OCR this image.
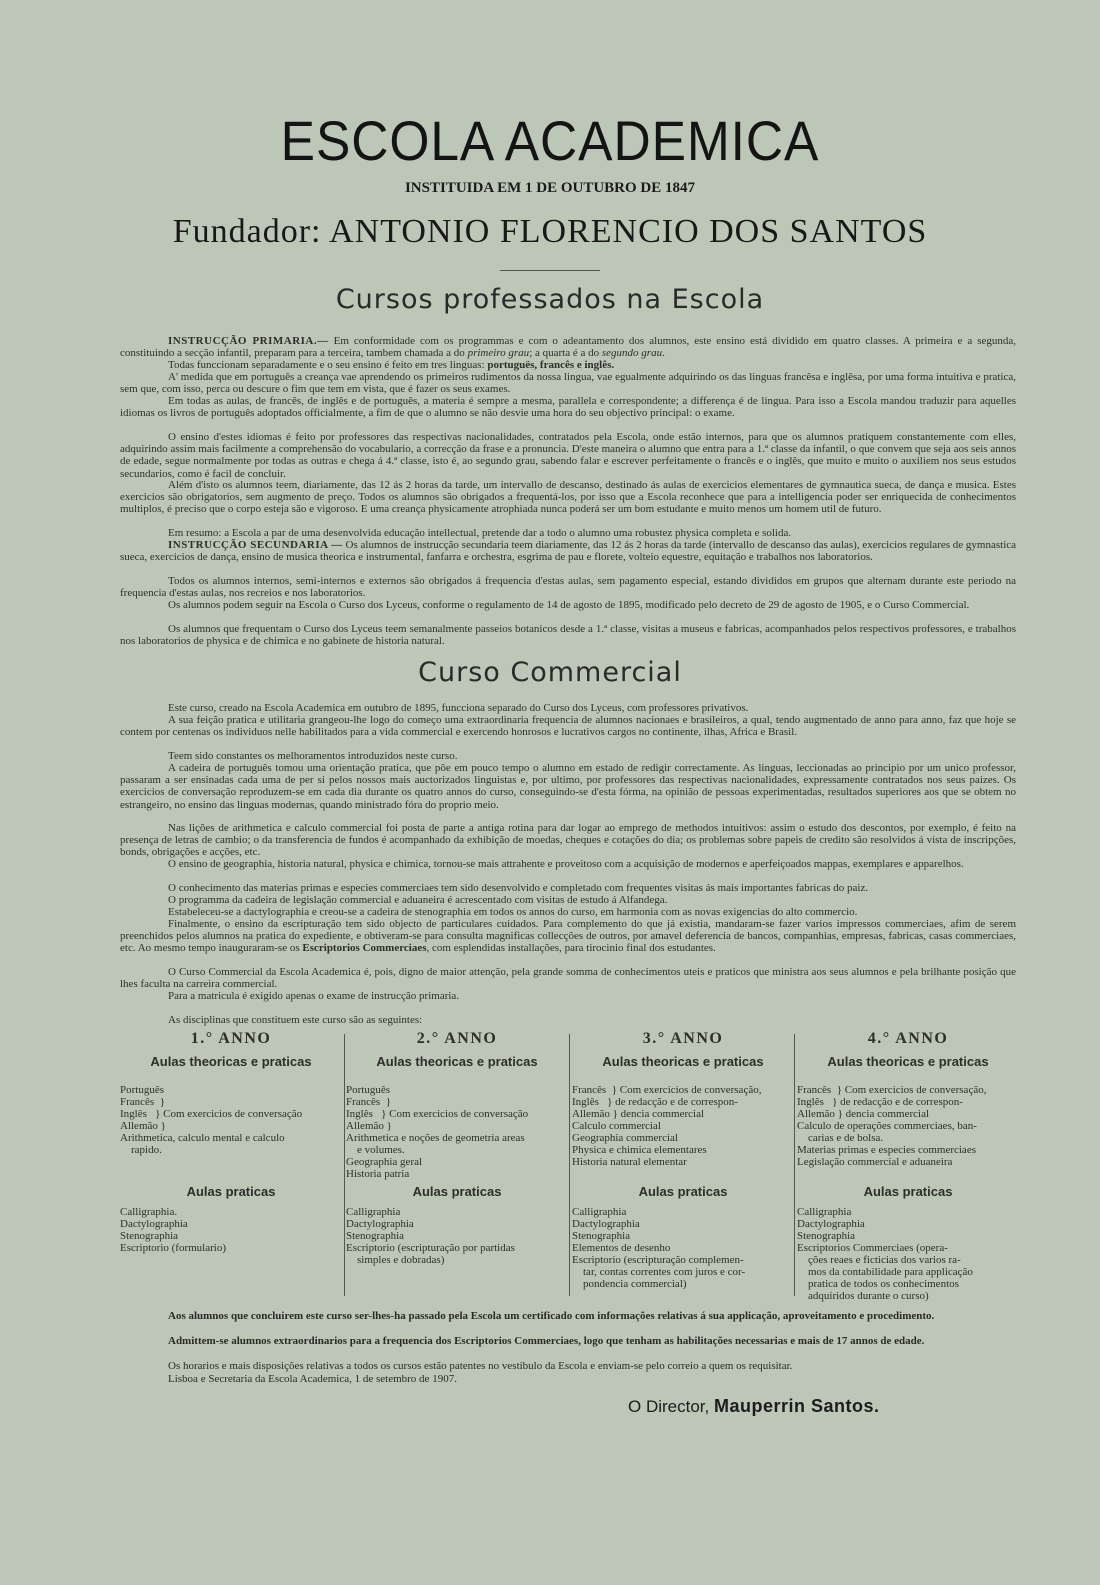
ESCOLA ACADEMICA
INSTITUIDA EM 1 DE OUTUBRO DE 1847
Fundador: ANTONIO FLORENCIO DOS SANTOS
Cursos professados na Escola

INSTRUCÇÃO PRIMARIA.— Em conformidade com os programmas e com o adeantamento dos alumnos, este ensino está dividido em quatro classes. A primeira e a segunda, constituindo a secção infantil, preparam para a terceira, tambem chamada a do primeiro grau; a quarta é a do segundo grau.

Todas funccionam separadamente e o seu ensino é feito em tres linguas: portuguës, francês e inglês.

A' medida que em português a creança vae aprendendo os primeiros rudimentos da nossa lingua, vae egualmente adquirindo os das linguas francêsa e inglêsa, por uma forma intuitiva e pratica, sem que, com isso, perca ou descure o fim que tem em vista, que é fazer os seus exames.

Em todas as aulas, de francês, de inglês e de português, a materia é sempre a mesma, parallela e correspondente; a differença é de lingua. Para isso a Escola mandou traduzir para aquelles idiomas os livros de português adoptados officialmente, a fim de que o alumno se não desvie uma hora do seu objectivo principal: o exame.

O ensino d'estes idiomas é feito por professores das respectivas nacionalidades, contratados pela Escola, onde estão internos, para que os alumnos pratiquem constantemente com elles, adquirindo assim mais facilmente a comprehensão do vocabulario, a correcção da frase e a pronuncia. D'este maneira o alumno que entra para a 1.ª classe da infantil, o que convem que seja aos seis annos de edade, segue normalmente por todas as outras e chega á 4.ª classe, isto é, ao segundo grau, sabendo falar e escrever perfeitamente o francês e o inglês, que muito e muito o auxiliem nos seus estudos secundarios, como é facil de concluir.

Além d'isto os alumnos teem, diariamente, das 12 ás 2 horas da tarde, um intervallo de descanso, destinado ás aulas de exercicios elementares de gymnautica sueca, de dança e musica. Estes exercicios são obrigatorios, sem augmento de preço. Todos os alumnos são obrigados a frequentá-los, por isso que a Escola reconhece que para a intelligencia poder ser enriquecida de conhecimentos multiplos, é preciso que o corpo esteja são e vigoroso. E uma creança physicamente atrophiada nunca poderá ser um bom estudante e muito menos um homem util de futuro.

Em resumo: a Escola a par de uma desenvolvida educação intellectual, pretende dar a todo o alumno uma robustez physica completa e solida.

INSTRUCÇÃO SECUNDARIA — Os alumnos de instrucção secundaria teem diariamente, das 12 ás 2 horas da tarde (intervallo de descanso das aulas), exercicios regulares de gymnastica sueca, exercicios de dança, ensino de musica theorica e instrumental, fanfarra e orchestra, esgrima de pau e florete, volteio equestre, equitação e trabalhos nos laboratorios.

Todos os alumnos internos, semi-internos e externos são obrigados á frequencia d'estas aulas, sem pagamento especial, estando divididos em grupos que alternam durante este periodo na frequencia d'estas aulas, nos recreios e nos laboratorios.

Os alumnos podem seguir na Escola o Curso dos Lyceus, conforme o regulamento de 14 de agosto de 1895, modificado pelo decreto de 29 de agosto de 1905, e o Curso Commercial.

Os alumnos que frequentam o Curso dos Lyceus teem semanalmente passeios botanicos desde a 1.ª classe, visitas a museus e fabricas, acompanhados pelos respectivos professores, e trabalhos nos laboratorios de physica e de chimica e no gabinete de historia natural.

Curso Commercial

Este curso, creado na Escola Academica em outubro de 1895, funcciona separado do Curso dos Lyceus, com professores privativos.

A sua feição pratica e utilitaria grangeou-lhe logo do começo uma extraordinaria frequencia de alumnos nacionaes e brasileiros, a qual, tendo augmentado de anno para anno, faz que hoje se contem por centenas os individuos nelle habilitados para a vida commercial e exercendo honrosos e lucrativos cargos no continente, ilhas, Africa e Brasil.

Teem sido constantes os melhoramentos introduzidos neste curso.

A cadeira de português tomou uma orientação pratica, que põe em pouco tempo o alumno em estado de redigir correctamente. As linguas, leccionadas ao principio por um unico professor, passaram a ser ensinadas cada uma de per si pelos nossos mais auctorizados linguistas e, por ultimo, por professores das respectivas nacionalidades, expressamente contratados nos seus paizes. Os exercicios de conversação reproduzem-se em cada dia durante os quatro annos do curso, conseguindo-se d'esta fórma, na opinião de pessoas experimentadas, resultados superiores aos que se obtem no estrangeiro, no ensino das linguas modernas, quando ministrado fóra do proprio meio.

Nas lições de arithmetica e calculo commercial foi posta de parte a antiga rotina para dar logar ao emprego de methodos intuitivos: assim o estudo dos descontos, por exemplo, é feito na presença de letras de cambio; o da transferencia de fundos é acompanhado da exhibição de moedas, cheques e cotações do dia; os problemas sobre papeis de credito são resolvidos á vista de inscripções, bonds, obrigações e acções, etc.

O ensino de geographia, historia natural, physica e chimica, tornou-se mais attrahente e proveitoso com a acquisição de modernos e aperfeiçoados mappas, exemplares e apparelhos.

O conhecimento das materias primas e especies commerciaes tem sido desenvolvido e completado com frequentes visitas ás mais importantes fabricas do paiz.

O programma da cadeira de legislação commercial e aduaneira é acrescentado com visitas de estudo á Alfandega.

Estabeleceu-se a dactylographia e creou-se a cadeira de stenographia em todos os annos do curso, em harmonia com as novas exigencias do alto commercio.

Finalmente, o ensino da escripturação tem sido objecto de particulares cuidados. Para complemento do que já existia, mandaram-se fazer varios impressos commerciaes, afim de serem preenchidos pelos alumnos na pratica do expediente, e obtiveram-se para consulta magnificas collecções de outros, por amavel deferencia de bancos, companhias, empresas, fabricas, casas commerciaes, etc. Ao mesmo tempo inauguraram-se os Escriptorios Commerciaes, com esplendidas installações, para tirocinio final dos estudantes.

O Curso Commercial da Escola Academica é, pois, digno de maior attenção, pela grande somma de conhecimentos uteis e praticos que ministra aos seus alumnos e pela brilhante posição que lhes faculta na carreira commercial.

Para a matricula é exigido apenas o exame de instrucção primaria.

As disciplinas que constituem este curso são as seguintes:

1.° ANNO
Aulas theoricas e praticas
Português
Francês  }
Inglês   } Com exercicios de conversação
Allemão }
Arithmetica, calculo mental e calculo
rapido.
Aulas praticas
Calligraphia.
Dactylographia
Stenographia
Escriptorio (formulario)
2.° ANNO
Aulas theoricas e praticas
Português
Francês  }
Inglês   } Com exercicios de conversação
Allemão }
Arithmetica e noções de geometria areas
e volumes.
Geographia geral
Historia patria
Aulas praticas
Calligraphia
Dactylographia
Stenographia
Escriptorio (escripturação por partidas
simples e dobradas)
3.° ANNO
Aulas theoricas e praticas
Francês  } Com exercicios de conversação,
Inglês   } de redacção e de correspon-
Allemão } dencia commercial
Calculo commercial
Geographia commercial
Physica e chimica elementares
Historia natural elementar
Aulas praticas
Calligraphia
Dactylographia
Stenographia
Elementos de desenho
Escriptorio (escripturação complemen-
tar, contas correntes com juros e cor-
pondencia commercial)
4.° ANNO
Aulas theoricas e praticas
Francês  } Com exercicios de conversação,
Inglês   } de redacção e de correspon-
Allemão } dencia commercial
Calculo de operações commerciaes, ban-
carias e de bolsa.
Materias primas e especies commerciaes
Legislação commercial e aduaneira
Aulas praticas
Calligraphia
Dactylographia
Stenographia
Escriptorios Commerciaes (opera-
ções reaes e ficticias dos varios ra-
mos da contabilidade para applicação
pratica de todos os conhecimentos
adquiridos durante o curso)

Aos alumnos que concluirem este curso ser-lhes-ha passado pela Escola um certificado com informações relativas á sua applicação, aproveitamento e procedimento.

Admittem-se alumnos extraordinarios para a frequencia dos Escriptorios Commerciaes, logo que tenham as habilitações necessarias e mais de 17 annos de edade.

Os horarios e mais disposições relativas a todos os cursos estão patentes no vestibulo da Escola e enviam-se pelo correio a quem os requisitar.

Lisboa e Secretaria da Escola Academica, 1 de setembro de 1907.

O Director, Mauperrin Santos.
